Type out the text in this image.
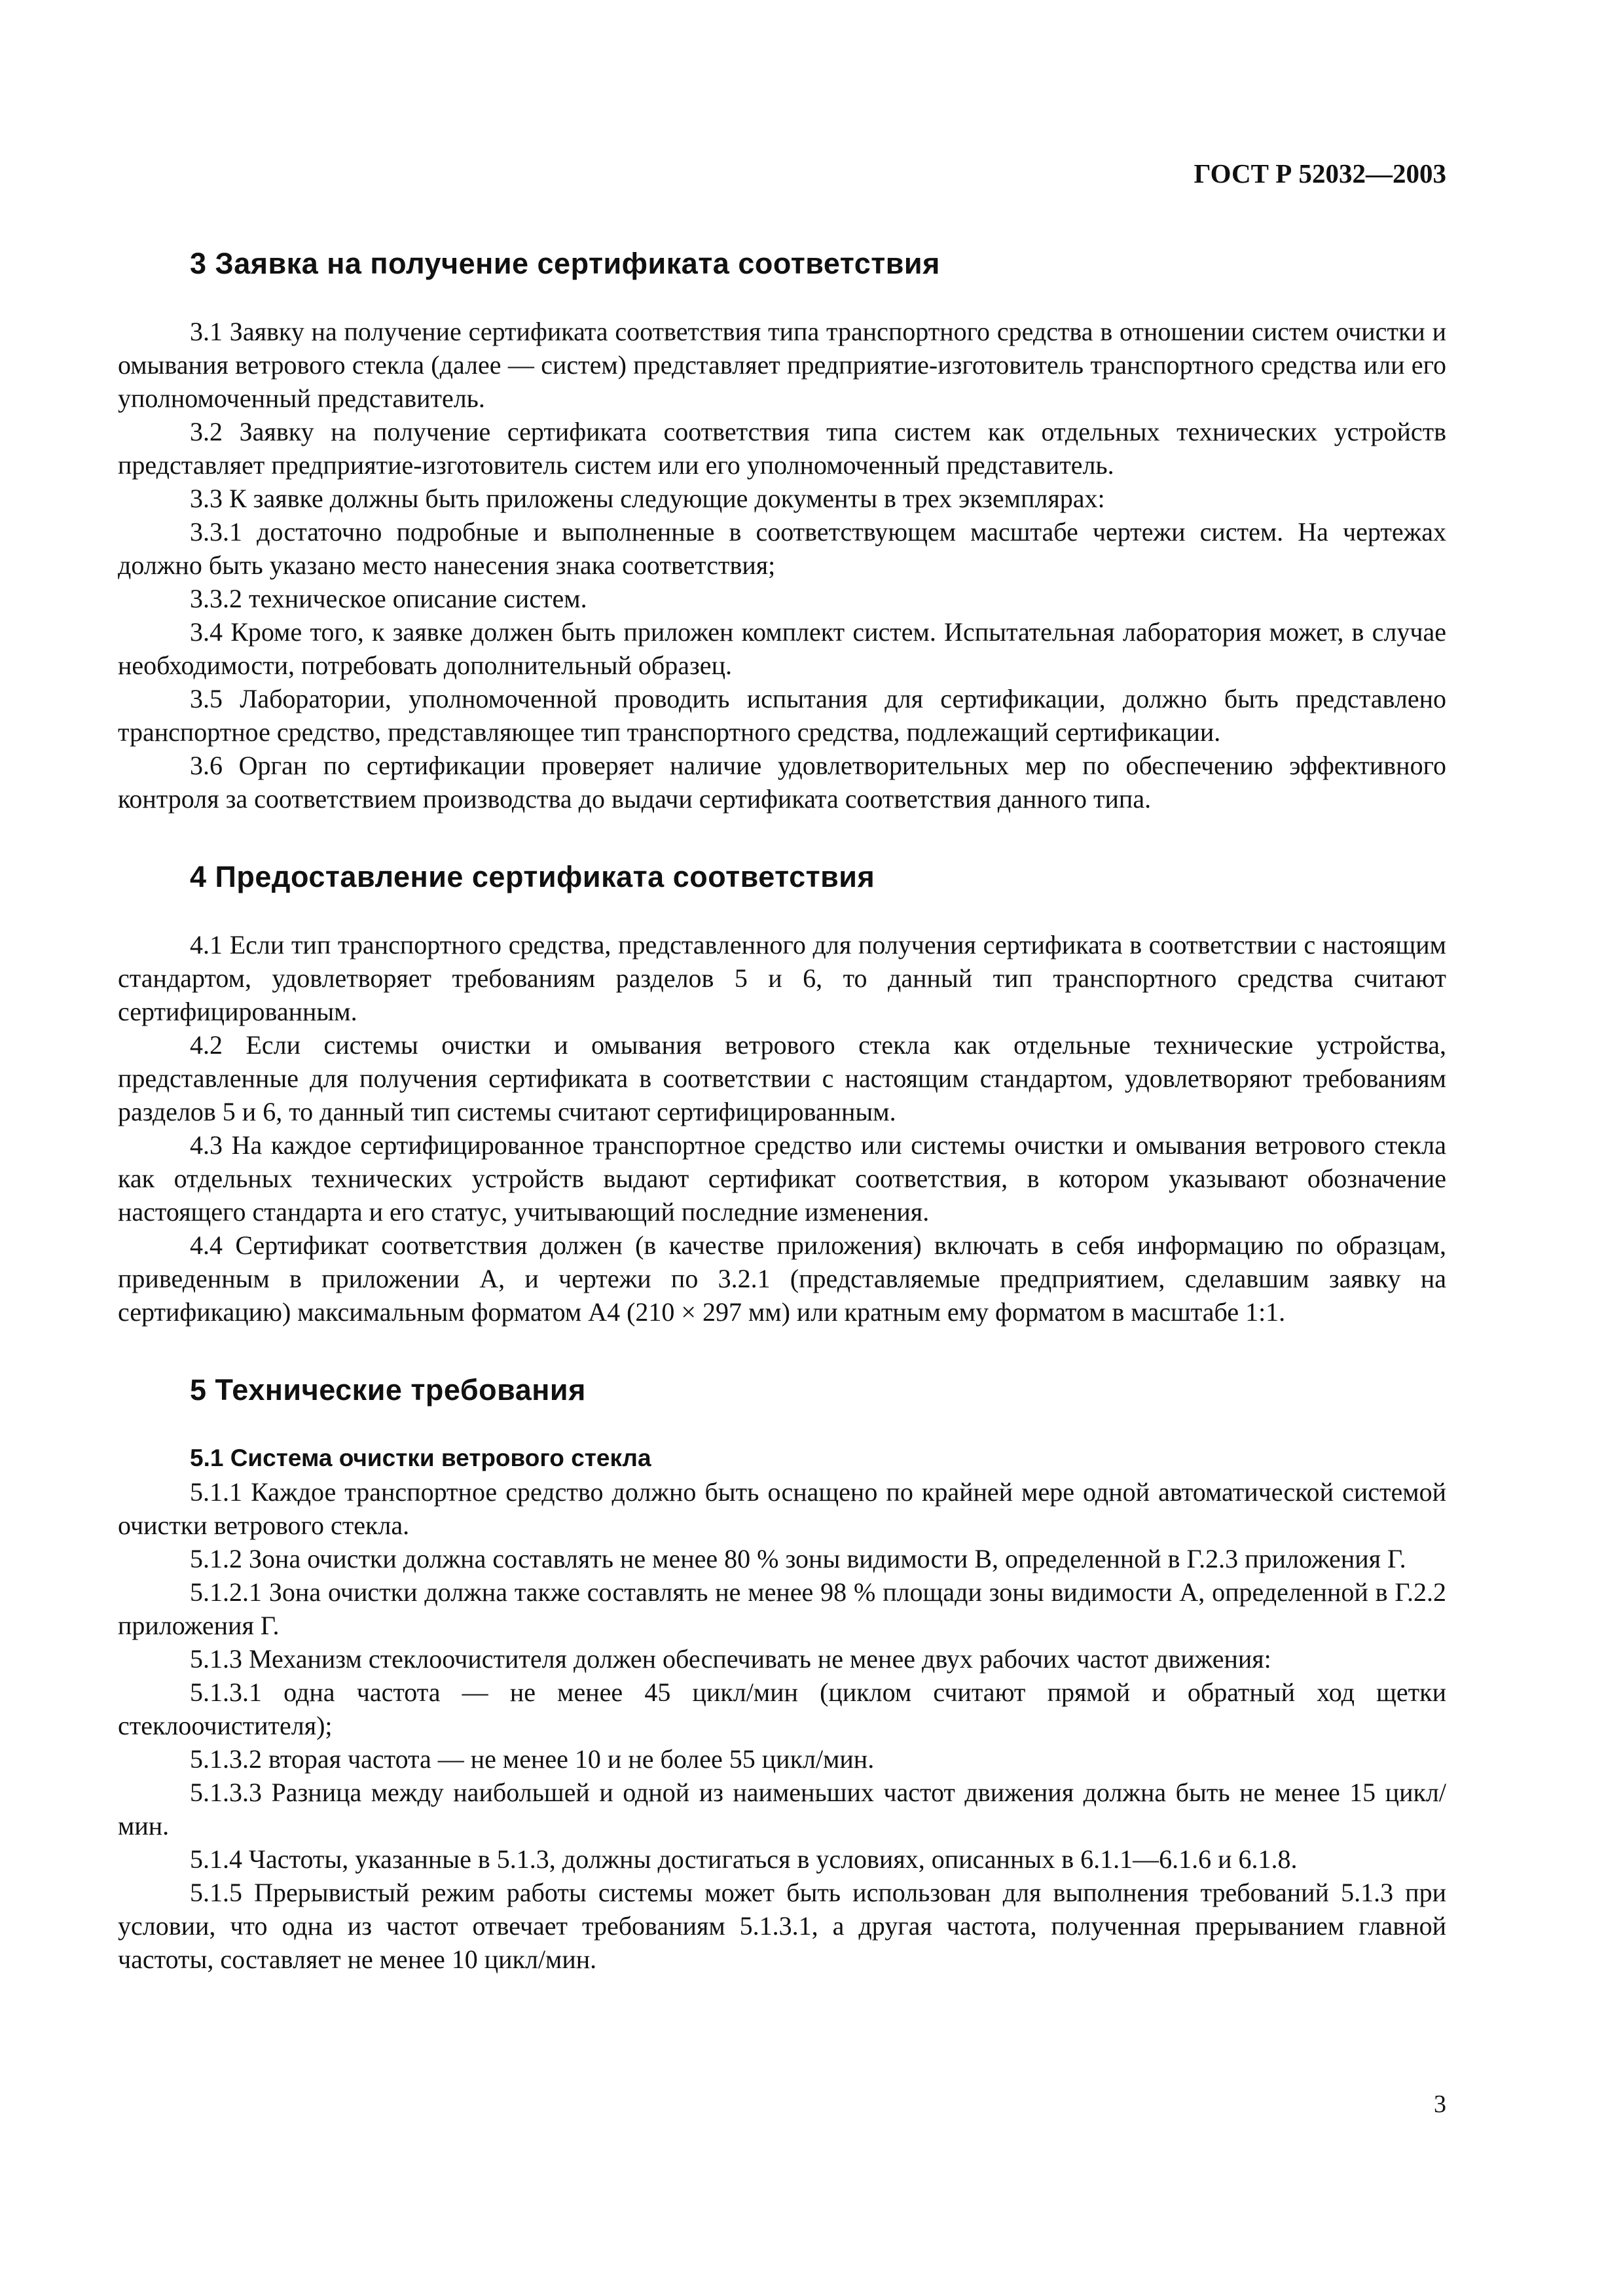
ГОСТ Р 52032—2003
3 Заявка на получение сертификата соответствия

3.1 Заявку на получение сертификата соответствия типа транспортного средства в отношении систем очистки и омывания ветрового стекла (далее — систем) представляет предприятие-изготовитель транспортного средства или его уполномоченный представитель.

3.2 Заявку на получение сертификата соответствия типа систем как отдельных технических устройств представляет предприятие-изготовитель систем или его уполномоченный представитель.

3.3 К заявке должны быть приложены следующие документы в трех экземплярах:

3.3.1 достаточно подробные и выполненные в соответствующем масштабе чертежи систем. На чертежах должно быть указано место нанесения знака соответствия;

3.3.2 техническое описание систем.

3.4 Кроме того, к заявке должен быть приложен комплект систем. Испытательная лаборатория может, в случае необходимости, потребовать дополнительный образец.

3.5 Лаборатории, уполномоченной проводить испытания для сертификации, должно быть представлено транспортное средство, представляющее тип транспортного средства, подлежащий сертификации.

3.6 Орган по сертификации проверяет наличие удовлетворительных мер по обеспечению эффективного контроля за соответствием производства до выдачи сертификата соответствия данного типа.

4 Предоставление сертификата соответствия

4.1 Если тип транспортного средства, представленного для получения сертификата в соответствии с настоящим стандартом, удовлетворяет требованиям разделов 5 и 6, то данный тип транспортного средства считают сертифицированным.

4.2 Если системы очистки и омывания ветрового стекла как отдельные технические устройства, представленные для получения сертификата в соответствии с настоящим стандартом, удовлетворяют требованиям разделов 5 и 6, то данный тип системы считают сертифицированным.

4.3 На каждое сертифицированное транспортное средство или системы очистки и омывания ветрового стекла как отдельных технических устройств выдают сертификат соответствия, в котором указывают обозначение настоящего стандарта и его статус, учитывающий последние изменения.

4.4 Сертификат соответствия должен (в качестве приложения) включать в себя информацию по образцам, приведенным в приложении А, и чертежи по 3.2.1 (представляемые предприятием, сделавшим заявку на сертификацию) максимальным форматом А4 (210 × 297 мм) или кратным ему форматом в масштабе 1:1.

5 Технические требования
5.1 Система очистки ветрового стекла

5.1.1 Каждое транспортное средство должно быть оснащено по крайней мере одной автоматической системой очистки ветрового стекла.

5.1.2 Зона очистки должна составлять не менее 80 % зоны видимости B, определенной в Г.2.3 приложения Г.

5.1.2.1 Зона очистки должна также составлять не менее 98 % площади зоны видимости A, определенной в Г.2.2 приложения Г.

5.1.3 Механизм стеклоочистителя должен обеспечивать не менее двух рабочих частот движения:

5.1.3.1 одна частота — не менее 45 цикл/мин (циклом считают прямой и обратный ход щетки стеклоочистителя);

5.1.3.2 вторая частота — не менее 10 и не более 55 цикл/мин.

5.1.3.3 Разница между наибольшей и одной из наименьших частот движения должна быть не менее 15 цикл/мин.

5.1.4 Частоты, указанные в 5.1.3, должны достигаться в условиях, описанных в 6.1.1—6.1.6 и 6.1.8.

5.1.5 Прерывистый режим работы системы может быть использован для выполнения требований 5.1.3 при условии, что одна из частот отвечает требованиям 5.1.3.1, а другая частота, полученная прерыванием главной частоты, составляет не менее 10 цикл/мин.

3
